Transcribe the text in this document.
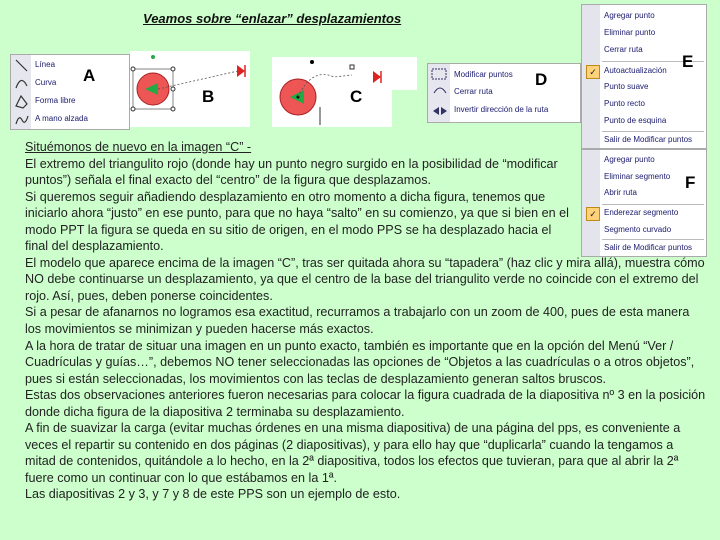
Veamos sobre “enlazar” desplazamientos
Línea
Curva
Forma libre
A mano alzada
A
B	C
Modificar puntos
Cerrar ruta
Invertir dirección de la ruta
D
Agregar punto
Eliminar punto
Cerrar ruta
✓ Autoactualización
Punto suave
Punto recto
Punto de esquina
Salir de Modificar puntos
E
Agregar punto
Eliminar segmento
Abrir ruta
✓ Enderezar segmento
Segmento curvado
Salir de Modificar puntos
F

Situémonos de nuevo en la imagen “C” -

El extremo del triangulito rojo (donde hay un punto negro surgido en la posibilidad de “modificar puntos”) señala el final exacto del “centro” de la figura que desplazamos.

Si queremos seguir añadiendo desplazamiento en otro momento a dicha figura, tenemos que iniciarlo ahora “justo” en ese punto, para que no haya “salto” en su comienzo, ya que si bien en el modo PPT la figura se queda en su sitio de origen, en el modo PPS se ha desplazado hacia el final del desplazamiento.

El modelo que aparece encima de la imagen “C”, tras ser quitada ahora su “tapadera” (haz clic y mira allá), muestra cómo NO debe continuarse un desplazamiento, ya que el centro de la base del triangulito verde no coincide con el extremo del rojo. Así, pues, deben ponerse coincidentes.

Si a pesar de afanarnos no logramos esa exactitud, recurramos a trabajarlo con un zoom de 400, pues de esta manera los movimientos se minimizan y pueden hacerse más exactos.

A la hora de tratar de situar una imagen en un punto exacto, también es importante que en la opción del Menú “Ver / Cuadrículas y guías…”, debemos NO tener seleccionadas las opciones de “Objetos a las cuadrículas o a otros objetos”, pues si están seleccionadas, los movimientos con las teclas de desplazamiento generan saltos bruscos.

Estas dos observaciones anteriores fueron necesarias para colocar la figura cuadrada de la diapositiva nº 3 en la posición donde dicha figura de la diapositiva 2 terminaba su desplazamiento.

A fin de suavizar la carga (evitar muchas órdenes en una misma diapositiva) de una página del pps, es conveniente a veces el repartir su contenido en dos páginas (2 diapositivas), y para ello hay que “duplicarla” cuando la tengamos a mitad de contenidos, quitándole a lo hecho, en la 2ª diapositiva, todos los efectos que tuvieran, para que al abrir la 2ª fuere como un continuar con lo que estábamos en la 1ª.

Las diapositivas 2 y 3, y 7 y 8 de este PPS son un ejemplo de esto.
